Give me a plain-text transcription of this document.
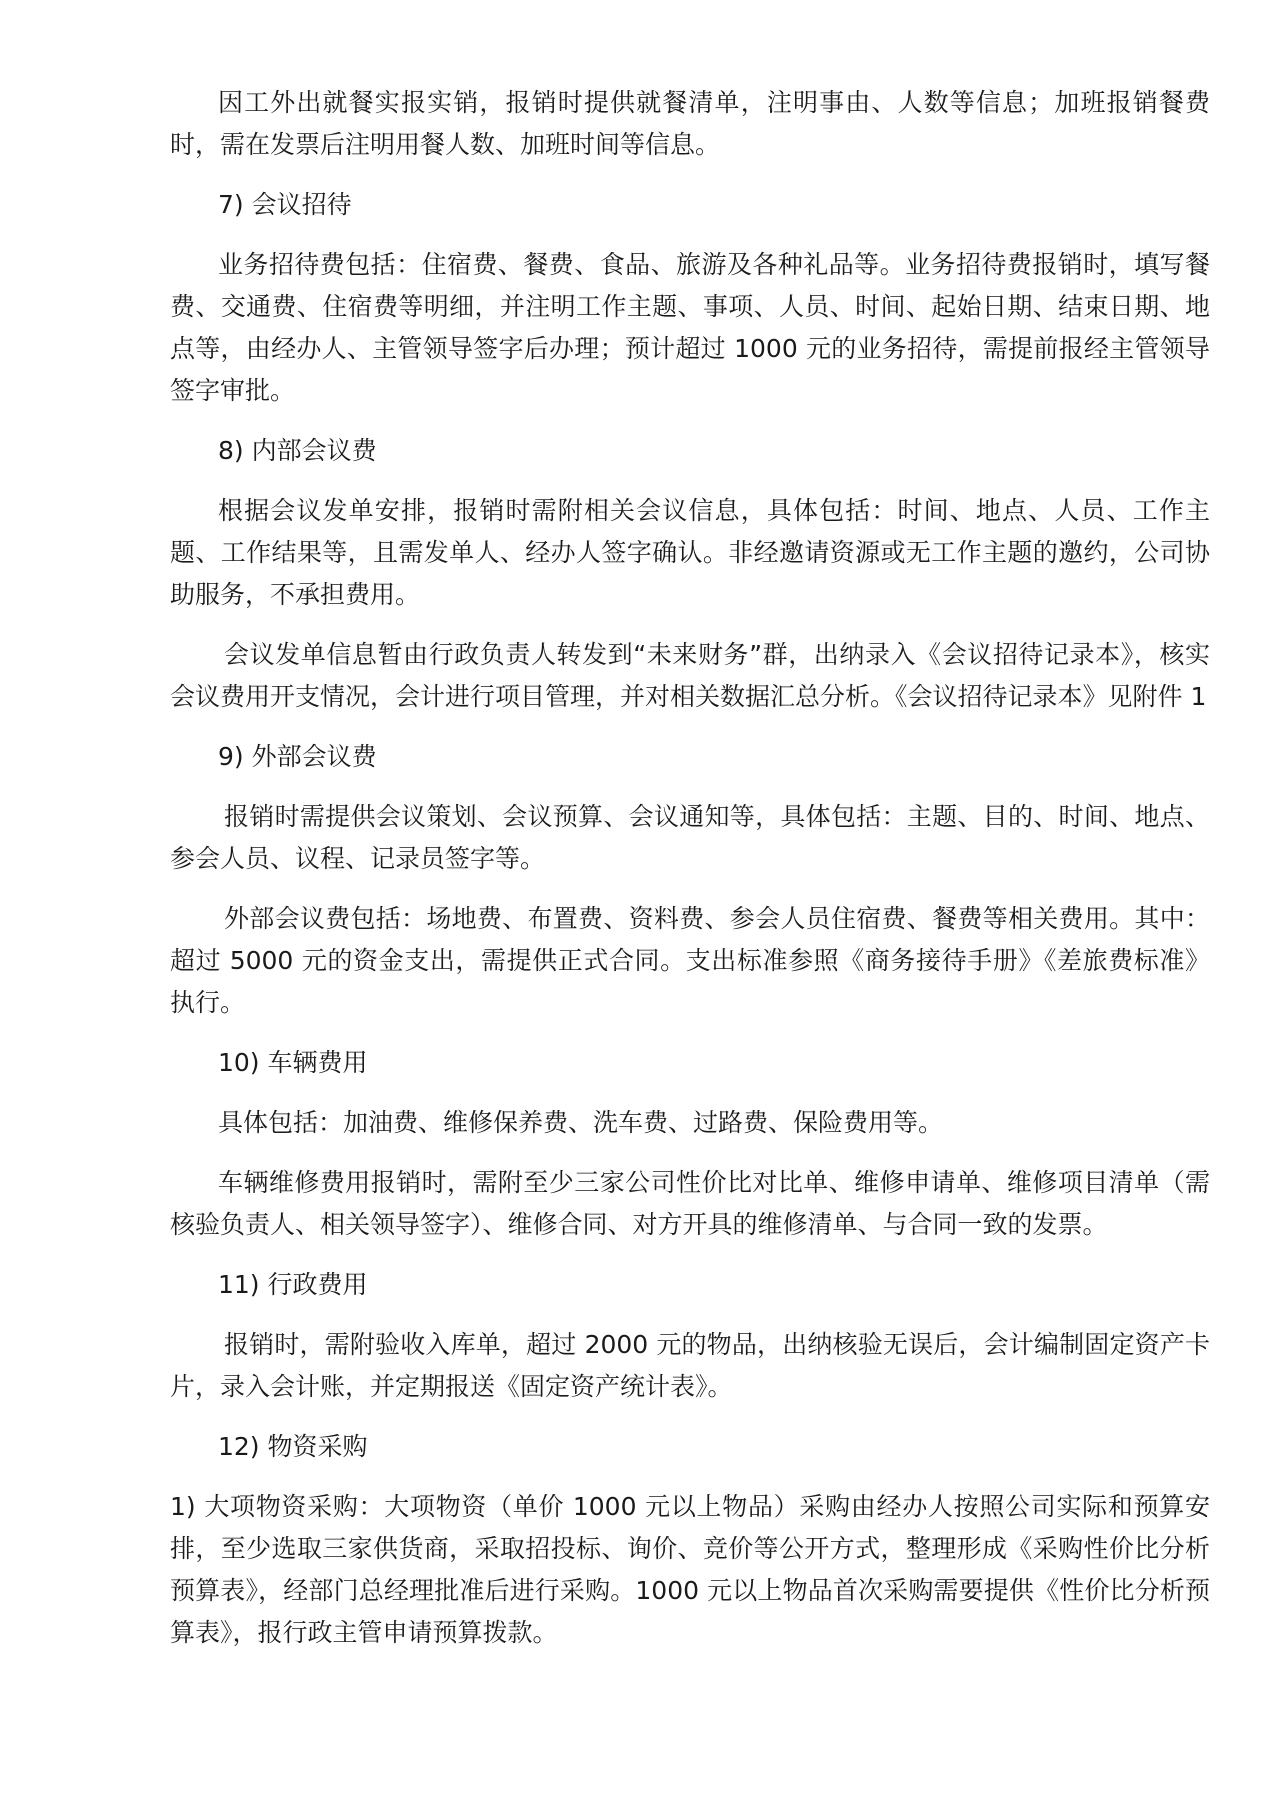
因工外出就餐实报实销，报销时提供就餐清单，注明事由、人数等信息；加班报销餐费时，需在发票后注明用餐人数、加班时间等信息。

7) 会议招待

业务招待费包括：住宿费、餐费、食品、旅游及各种礼品等。业务招待费报销时，填写餐费、交通费、住宿费等明细，并注明工作主题、事项、人员、时间、起始日期、结束日期、地点等，由经办人、主管领导签字后办理；预计超过 1000 元的业务招待，需提前报经主管领导签字审批。

8) 内部会议费

根据会议发单安排，报销时需附相关会议信息，具体包括：时间、地点、人员、工作主题、工作结果等，且需发单人、经办人签字确认。非经邀请资源或无工作主题的邀约，公司协助服务，不承担费用。

会议发单信息暂由行政负责人转发到“未来财务”群，出纳录入《会议招待记录本》，核实会议费用开支情况，会计进行项目管理，并对相关数据汇总分析。《会议招待记录本》见附件 1

9) 外部会议费

报销时需提供会议策划、会议预算、会议通知等，具体包括：主题、目的、时间、地点、参会人员、议程、记录员签字等。

外部会议费包括：场地费、布置费、资料费、参会人员住宿费、餐费等相关费用。其中：超过 5000 元的资金支出，需提供正式合同。支出标准参照《商务接待手册》《差旅费标准》执行。

10) 车辆费用

具体包括：加油费、维修保养费、洗车费、过路费、保险费用等。

车辆维修费用报销时，需附至少三家公司性价比对比单、维修申请单、维修项目清单（需核验负责人、相关领导签字）、维修合同、对方开具的维修清单、与合同一致的发票。

11) 行政费用

报销时，需附验收入库单，超过 2000 元的物品，出纳核验无误后，会计编制固定资产卡片，录入会计账，并定期报送《固定资产统计表》。

12) 物资采购

1) 大项物资采购：大项物资（单价 1000 元以上物品）采购由经办人按照公司实际和预算安排，至少选取三家供货商，采取招投标、询价、竞价等公开方式，整理形成《采购性价比分析预算表》，经部门总经理批准后进行采购。1000 元以上物品首次采购需要提供《性价比分析预算表》，报行政主管申请预算拨款。
